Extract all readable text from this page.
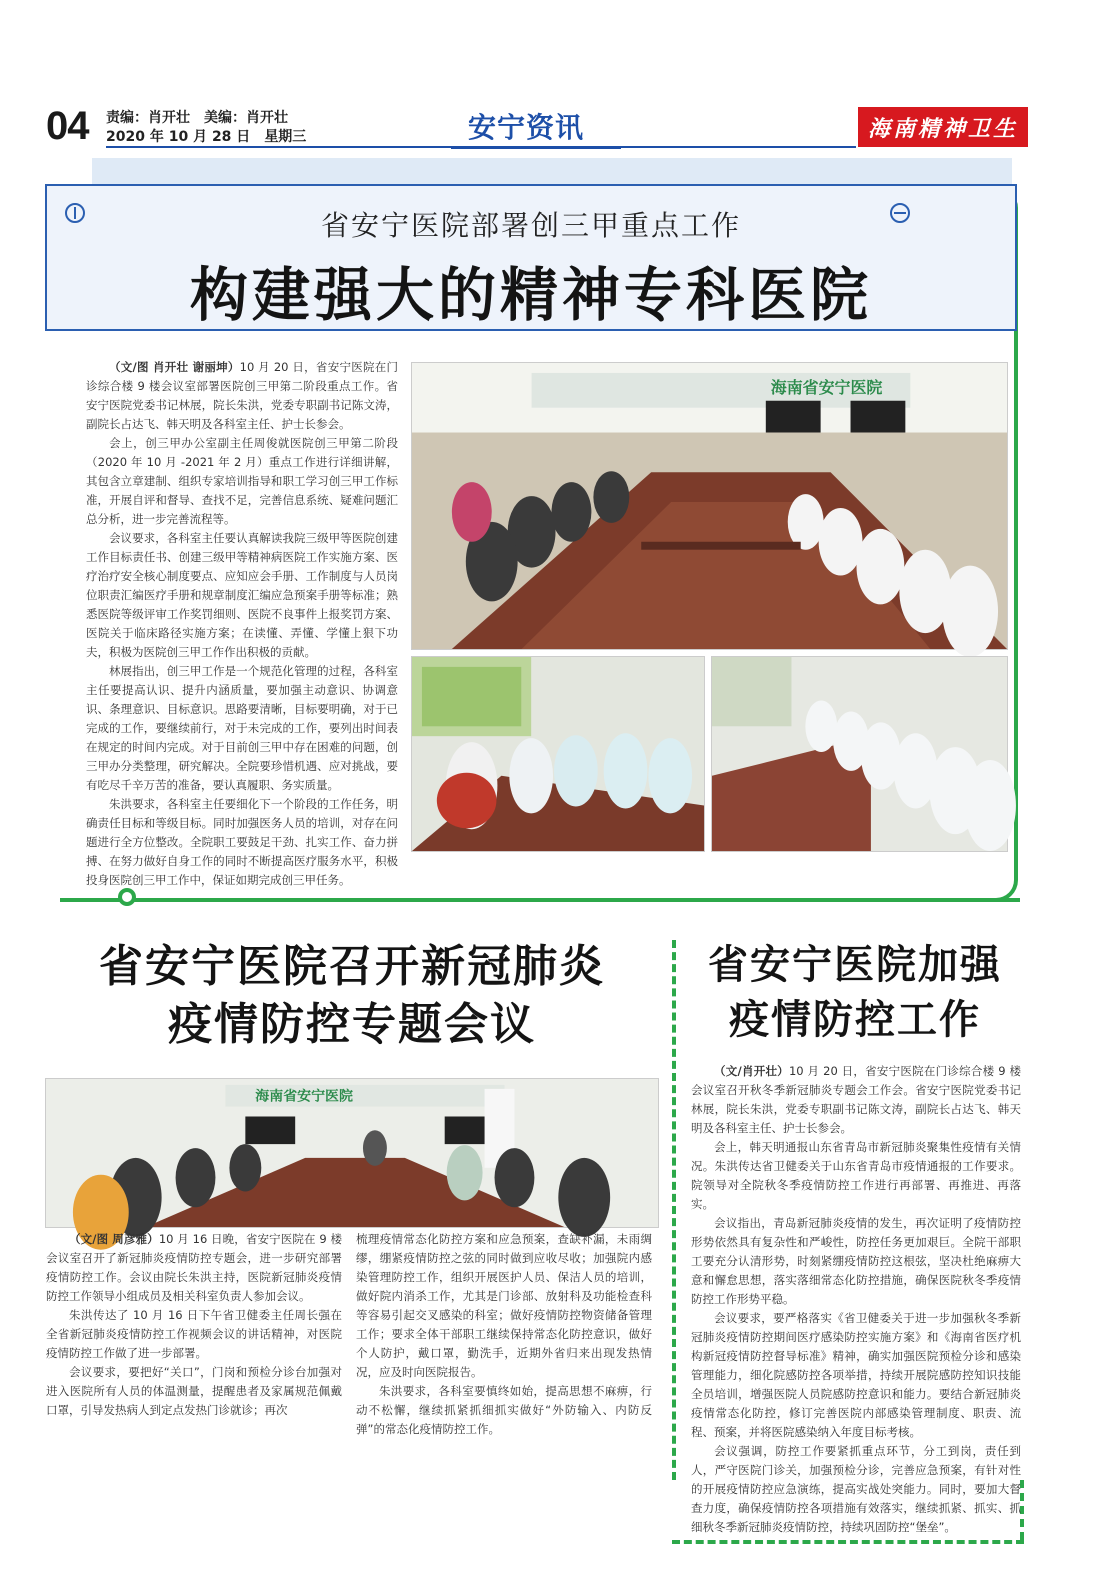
04 责编：肖开壮 美编：肖开壮
2020 年 10 月 28 日 星期三	安宁资讯	海南精神卫生
省安宁医院部署创三甲重点工作
构建强大的精神专科医院

（文/图 肖开壮 谢丽坤）10 月 20 日，省安宁医院在门诊综合楼 9 楼会议室部署医院创三甲第二阶段重点工作。省安宁医院党委书记林展，院长朱洪，党委专职副书记陈文涛，副院长占达飞、韩天明及各科室主任、护士长参会。

会上，创三甲办公室副主任周俊就医院创三甲第二阶段（2020 年 10 月 -2021 年 2 月）重点工作进行详细讲解，其包含立章建制、组织专家培训指导和职工学习创三甲工作标准，开展自评和督导、查找不足，完善信息系统、疑难问题汇总分析，进一步完善流程等。

会议要求，各科室主任要认真解读我院三级甲等医院创建工作目标责任书、创建三级甲等精神病医院工作实施方案、医疗治疗安全核心制度要点、应知应会手册、工作制度与人员岗位职责汇编医疗手册和规章制度汇编应急预案手册等标准；熟悉医院等级评审工作奖罚细则、医院不良事件上报奖罚方案、医院关于临床路径实施方案；在读懂、弄懂、学懂上狠下功夫，积极为医院创三甲工作作出积极的贡献。

林展指出，创三甲工作是一个规范化管理的过程，各科室主任要提高认识、提升内涵质量，要加强主动意识、协调意识、条理意识、目标意识。思路要清晰，目标要明确，对于已完成的工作，要继续前行，对于未完成的工作，要列出时间表在规定的时间内完成。对于目前创三甲中存在困难的问题，创三甲办分类整理，研究解决。全院要珍惜机遇、应对挑战，要有吃尽千辛万苦的准备，要认真履职、务实质量。

朱洪要求，各科室主任要细化下一个阶段的工作任务，明确责任目标和等级目标。同时加强医务人员的培训，对存在问题进行全方位整改。全院职工要鼓足干劲、扎实工作、奋力拼搏、在努力做好自身工作的同时不断提高医疗服务水平，积极投身医院创三甲工作中，保证如期完成创三甲任务。

海南省安宁医院
省安宁医院召开新冠肺炎
疫情防控专题会议
海南省安宁医院

（文/图 周彦雅）10 月 16 日晚，省安宁医院在 9 楼会议室召开了新冠肺炎疫情防控专题会，进一步研究部署疫情防控工作。会议由院长朱洪主持，医院新冠肺炎疫情防控工作领导小组成员及相关科室负责人参加会议。

朱洪传达了 10 月 16 日下午省卫健委主任周长强在全省新冠肺炎疫情防控工作视频会议的讲话精神，对医院疫情防控工作做了进一步部署。

会议要求，要把好“关口”，门岗和预检分诊台加强对进入医院所有人员的体温测量，提醒患者及家属规范佩戴口罩，引导发热病人到定点发热门诊就诊；再次

梳理疫情常态化防控方案和应急预案，查缺补漏，未雨绸缪，绷紧疫情防控之弦的同时做到应收尽收；加强院内感染管理防控工作，组织开展医护人员、保洁人员的培训，做好院内消杀工作，尤其是门诊部、放射科及功能检查科等容易引起交叉感染的科室；做好疫情防控物资储备管理工作；要求全体干部职工继续保持常态化防控意识，做好个人防护，戴口罩，勤洗手，近期外省归来出现发热情况，应及时向医院报告。

朱洪要求，各科室要慎终如始，提高思想不麻痹，行动不松懈，继续抓紧抓细抓实做好“外防输入、内防反弹”的常态化疫情防控工作。

省安宁医院加强
疫情防控工作

（文/肖开壮）10 月 20 日，省安宁医院在门诊综合楼 9 楼会议室召开秋冬季新冠肺炎专题会工作会。省安宁医院党委书记林展，院长朱洪，党委专职副书记陈文涛，副院长占达飞、韩天明及各科室主任、护士长参会。

会上，韩天明通报山东省青岛市新冠肺炎聚集性疫情有关情况。朱洪传达省卫健委关于山东省青岛市疫情通报的工作要求。院领导对全院秋冬季疫情防控工作进行再部署、再推进、再落实。

会议指出，青岛新冠肺炎疫情的发生，再次证明了疫情防控形势依然具有复杂性和严峻性，防控任务更加艰巨。全院干部职工要充分认清形势，时刻紧绷疫情防控这根弦，坚决杜绝麻痹大意和懈怠思想，落实落细常态化防控措施，确保医院秋冬季疫情防控工作形势平稳。

会议要求，要严格落实《省卫健委关于进一步加强秋冬季新冠肺炎疫情防控期间医疗感染防控实施方案》和《海南省医疗机构新冠疫情防控督导标准》精神，确实加强医院预检分诊和感染管理能力，细化院感防控各项举措，持续开展院感防控知识技能全员培训，增强医院人员院感防控意识和能力。要结合新冠肺炎疫情常态化防控，修订完善医院内部感染管理制度、职责、流程、预案，并将医院感染纳入年度目标考核。

会议强调，防控工作要紧抓重点环节，分工到岗，责任到人，严守医院门诊关，加强预检分诊，完善应急预案，有针对性的开展疫情防控应急演练，提高实战处突能力。同时，要加大督查力度，确保疫情防控各项措施有效落实，继续抓紧、抓实、抓细秋冬季新冠肺炎疫情防控，持续巩固防控“堡垒”。
